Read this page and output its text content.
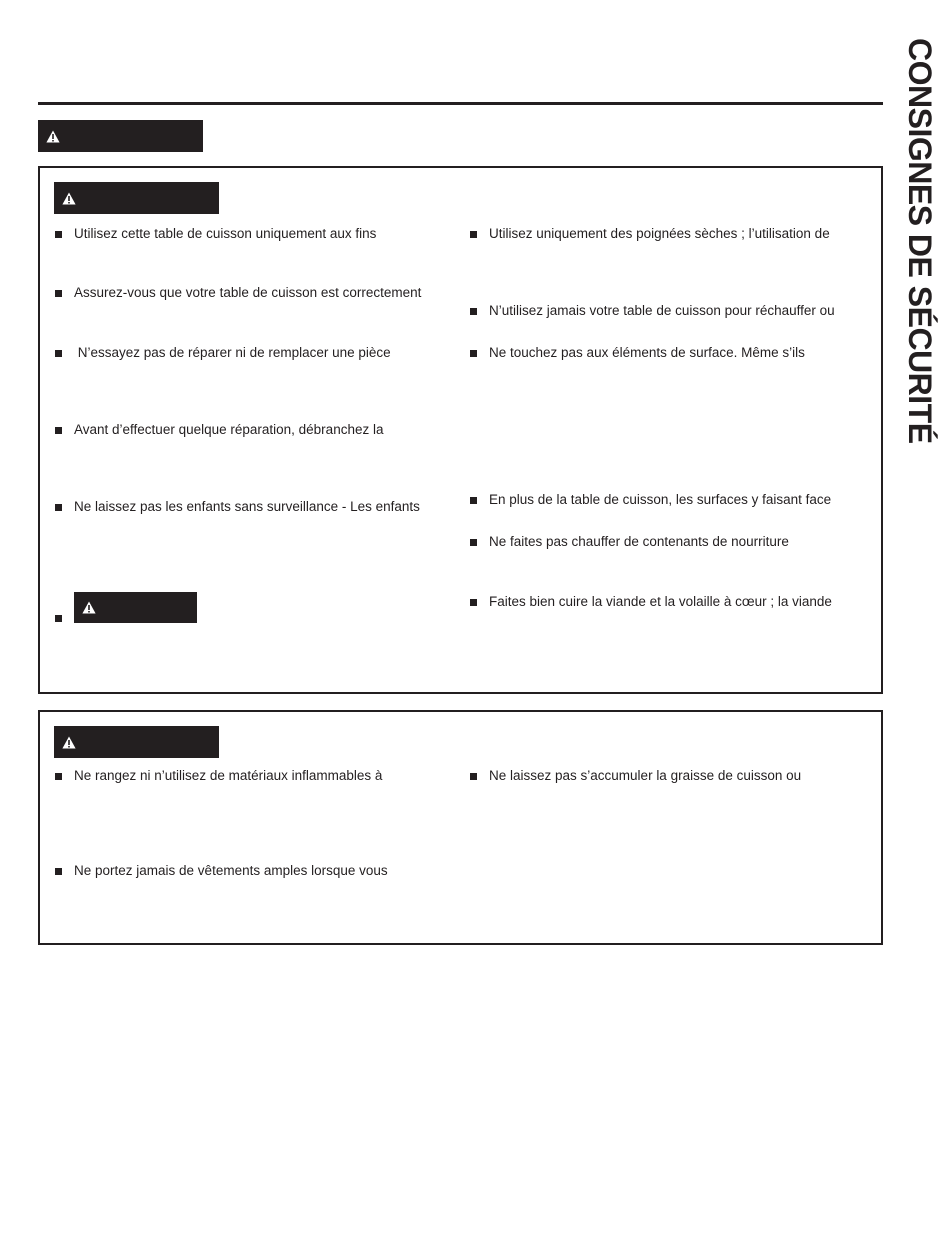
CONSIGNES DE SÉCURITÉ
Utilisez cette table de cuisson uniquement aux fins
Assurez-vous que votre table de cuisson est correctement
N’essayez pas de réparer ni de remplacer une pièce
Avant d’effectuer quelque réparation, débranchez la
Ne laissez pas les enfants sans surveillance - Les enfants
Utilisez uniquement des poignées sèches ; l’utilisation de
N’utilisez jamais votre table de cuisson pour réchauffer ou
Ne touchez pas aux éléments de surface. Même s’ils
En plus de la table de cuisson, les surfaces y faisant face
Ne faites pas chauffer de contenants de nourriture
Faites bien cuire la viande et la volaille à cœur ; la viande
Ne rangez ni n’utilisez de matériaux inflammables à
Ne portez jamais de vêtements amples lorsque vous
Ne laissez pas s’accumuler la graisse de cuisson ou
